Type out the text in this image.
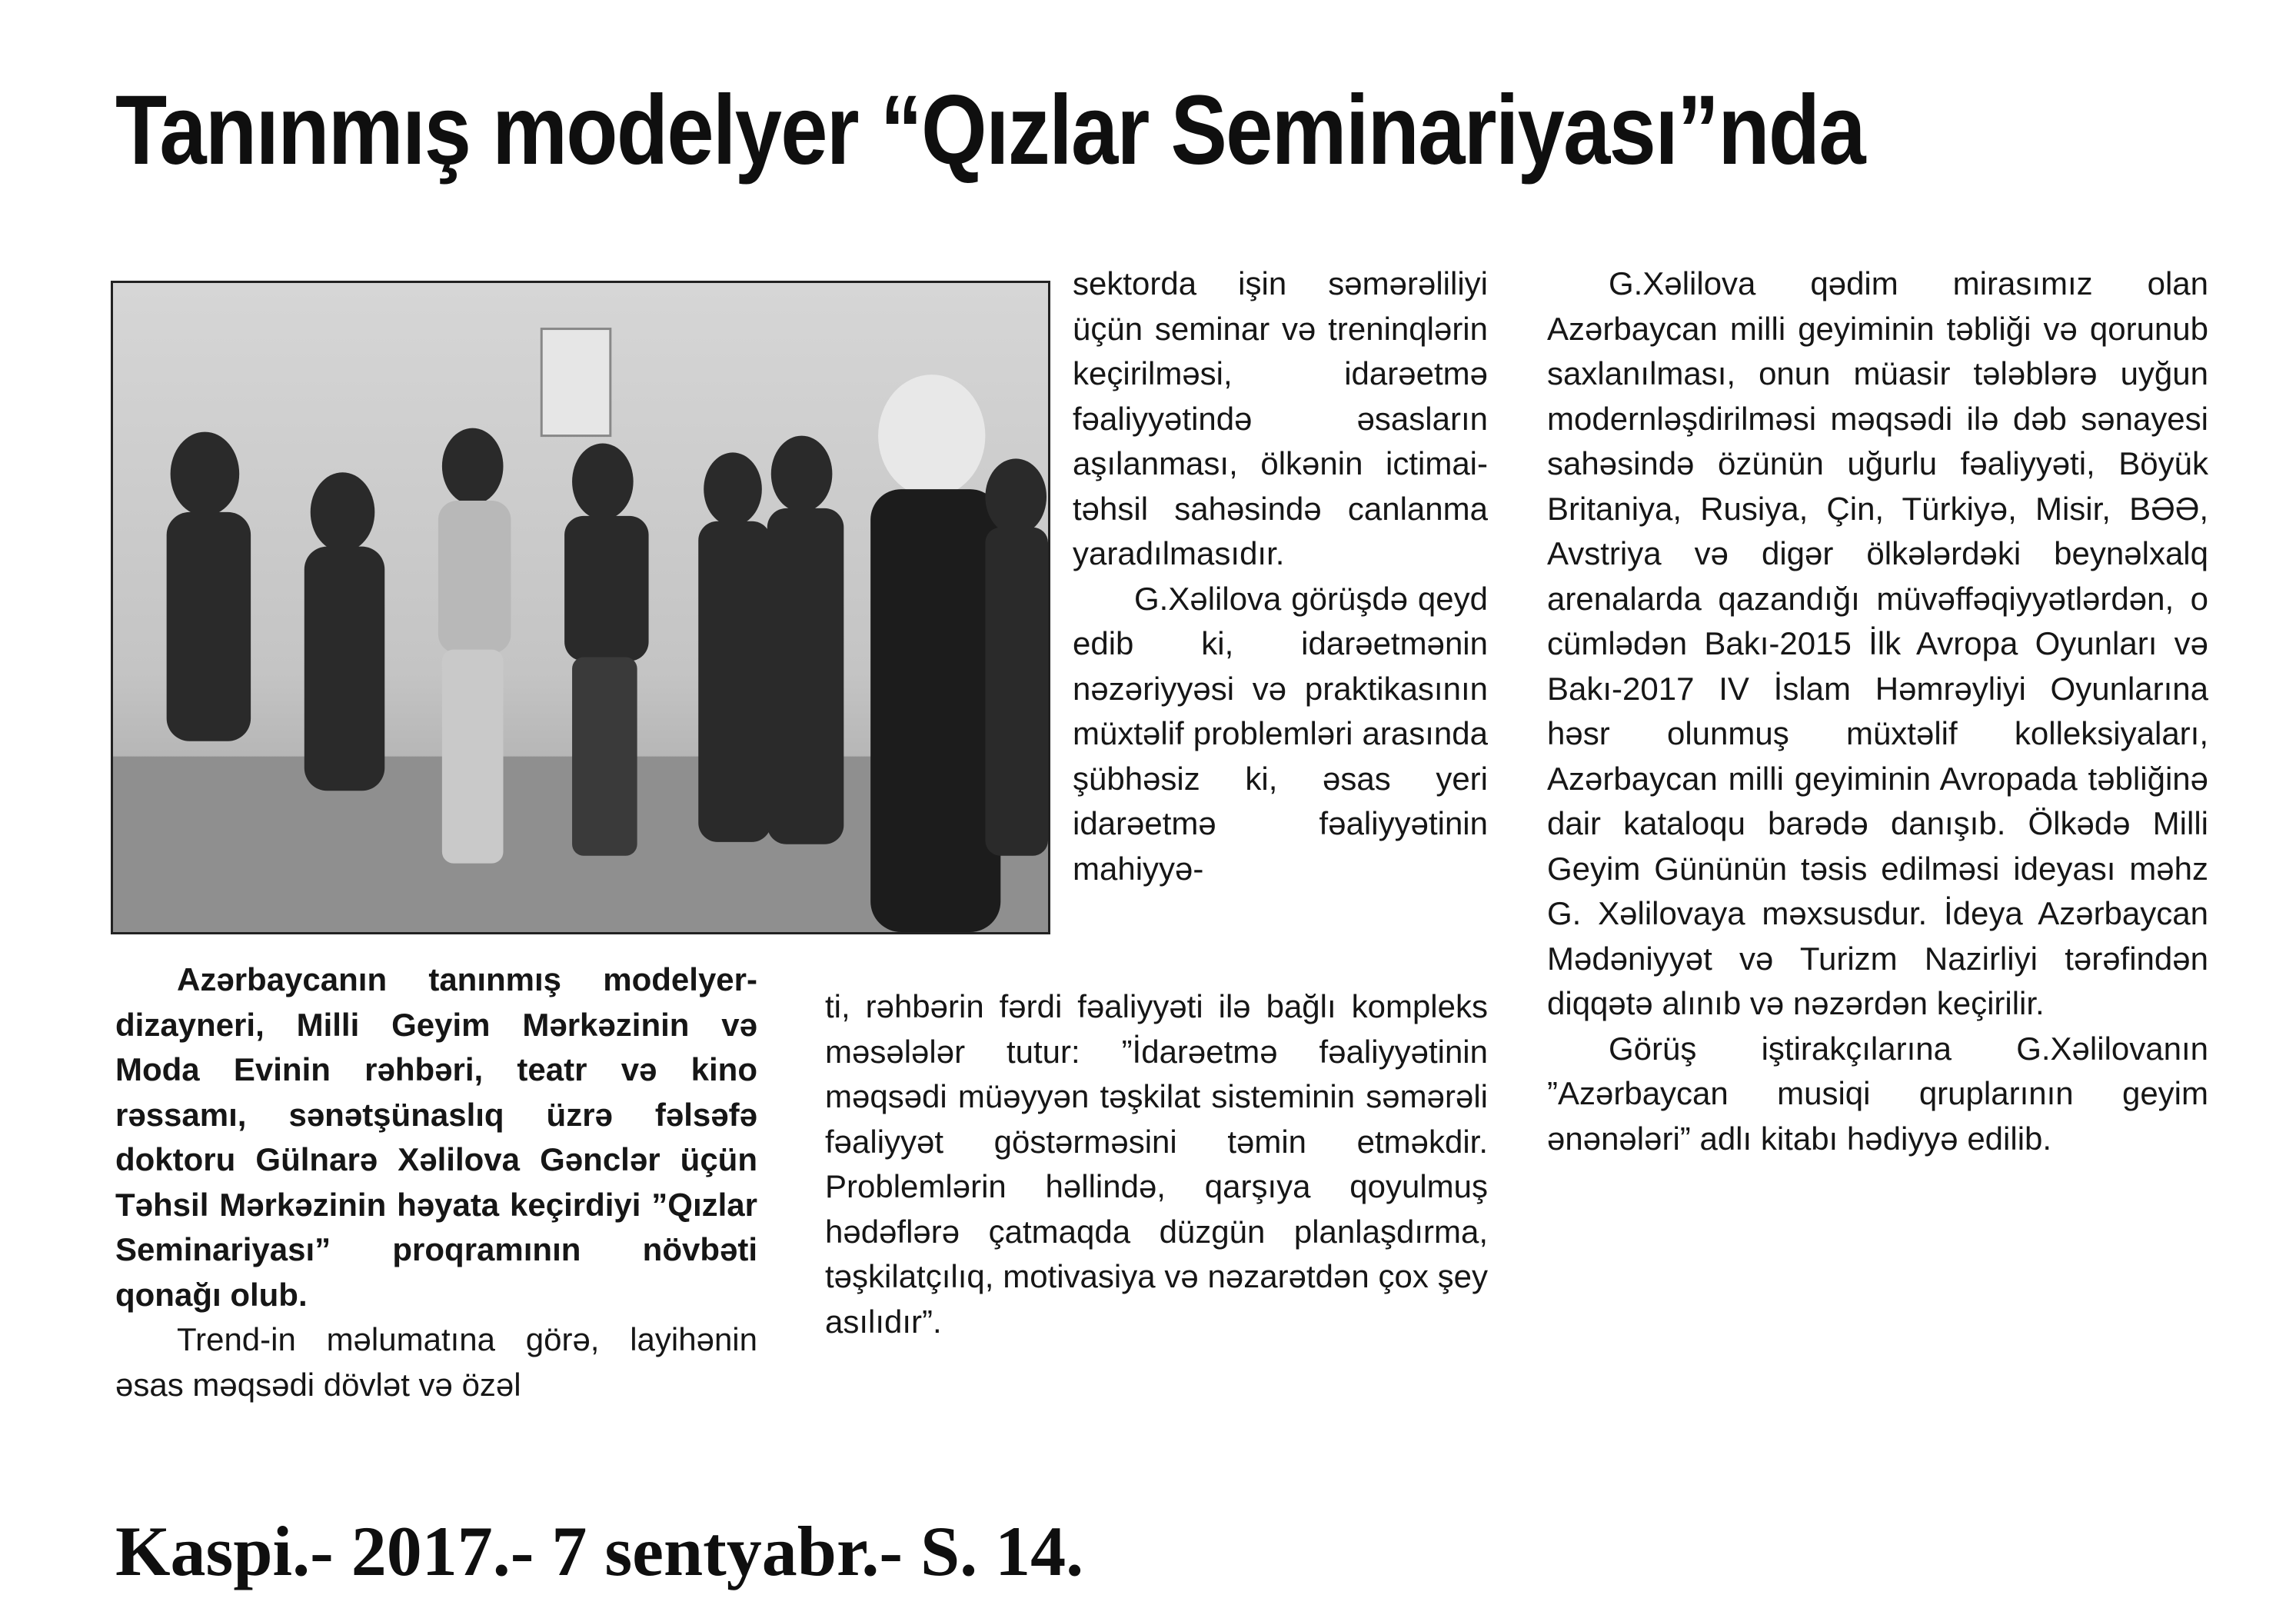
Tanınmış modelyer “Qızlar Seminariyası”nda

Azərbaycanın tanınmış modelyer-dizayneri, Milli Geyim Mərkəzinin və Moda Evinin rəhbəri, teatr və kino rəssamı, sənətşünaslıq üzrə fəlsəfə doktoru Gülnarə Xəlilova Gənclər üçün Təhsil Mərkəzinin həyata keçirdiyi ”Qızlar Seminariyası” proqramının növbəti qonağı olub.

Trend-in məlumatına görə, layihənin əsas məqsədi dövlət və özəl

sektorda işin səmərəliliyi üçün seminar və treninqlərin keçirilməsi, idarəetmə fəaliyyətində əsasların aşılanması, ölkənin ictimai-təhsil sahəsində canlanma yaradılmasıdır.

G.Xəlilova görüşdə qeyd edib ki, idarəetmənin nəzəriyyəsi və praktikasının müxtəlif problemləri arasında şübhəsiz ki, əsas yeri idarəetmə fəaliyyətinin mahiyyə-

ti, rəhbərin fərdi fəaliyyəti ilə bağlı kompleks məsələlər tutur: ”İdarəetmə fəaliyyətinin məqsədi müəyyən təşkilat sisteminin səmərəli fəaliyyət göstərməsini təmin etməkdir. Problemlərin həllində, qarşıya qoyulmuş hədəflərə çatmaqda düzgün planlaşdırma, təşkilatçılıq, motivasiya və nəzarətdən çox şey asılıdır”.

G.Xəlilova qədim mirasımız olan Azərbaycan milli geyiminin təbliği və qorunub saxlanılması, onun müasir tələblərə uyğun modernləşdirilməsi məqsədi ilə dəb sənayesi sahəsində özünün uğurlu fəaliyyəti, Böyük Britaniya, Rusiya, Çin, Türkiyə, Misir, BƏƏ, Avstriya və digər ölkələrdəki beynəlxalq arenalarda qazandığı müvəffəqiyyətlərdən, o cümlədən Bakı-2015 İlk Avropa Oyunları və Bakı-2017 IV İslam Həmrəyliyi Oyunlarına həsr olunmuş müxtəlif kolleksiyaları, Azərbaycan milli geyiminin Avropada təbliğinə dair kataloqu barədə danışıb. Ölkədə Milli Geyim Gününün təsis edilməsi ideyası məhz G. Xəlilovaya məxsusdur. İdeya Azərbaycan Mədəniyyət və Turizm Nazirliyi tərəfindən diqqətə alınıb və nəzərdən keçirilir.

Görüş iştirakçılarına G.Xəlilovanın ”Azərbaycan musiqi qruplarının geyim ənənələri” adlı kitabı hədiyyə edilib.

Kaspi.- 2017.- 7 sentyabr.- S. 14.
